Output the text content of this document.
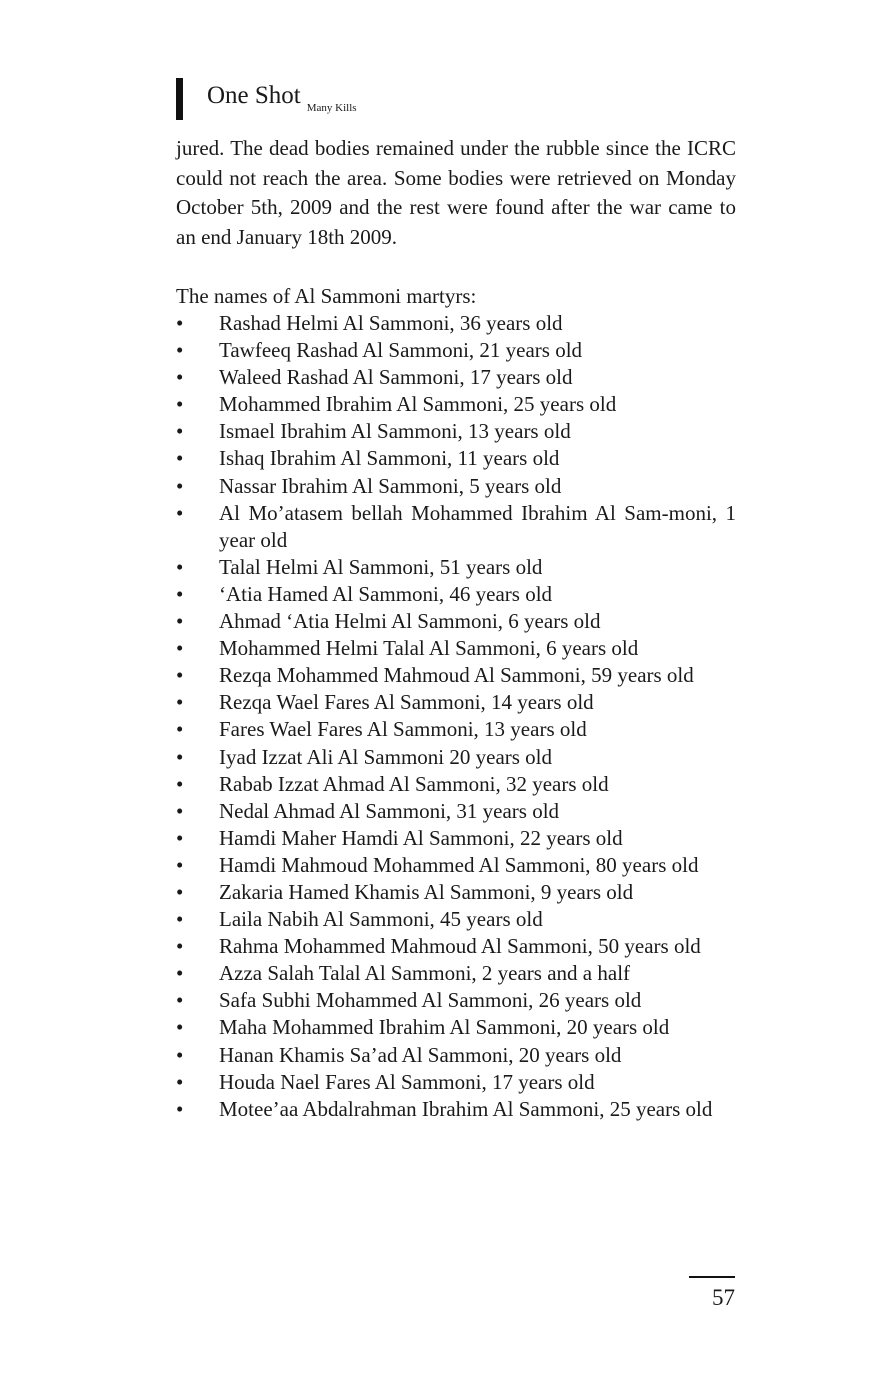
One Shot Many Kills

jured. The dead bodies remained under the rubble since the ICRC could not reach the area. Some bodies were retrieved on Monday October 5th, 2009 and the rest were found after the war came to an end January 18th 2009.

The names of Al Sammoni martyrs:
• Rashad Helmi Al Sammoni, 36 years old
• Tawfeeq Rashad Al Sammoni, 21 years old
• Waleed Rashad Al Sammoni, 17 years old
• Mohammed Ibrahim Al Sammoni, 25 years old
• Ismael Ibrahim Al Sammoni, 13 years old
• Ishaq Ibrahim Al Sammoni, 11 years old
• Nassar Ibrahim Al Sammoni, 5 years old
• Al Mo’atasem bellah Mohammed Ibrahim Al Sam-moni, 1 year old
• Talal Helmi Al Sammoni, 51 years old
• ‘Atia Hamed Al Sammoni, 46 years old
• Ahmad ‘Atia Helmi Al Sammoni, 6 years old
• Mohammed Helmi Talal Al Sammoni, 6 years old
• Rezqa Mohammed Mahmoud Al Sammoni, 59 years old
• Rezqa Wael Fares Al Sammoni, 14 years old
• Fares Wael Fares Al Sammoni, 13 years old
• Iyad Izzat Ali Al Sammoni 20 years old
• Rabab Izzat Ahmad Al Sammoni, 32 years old
• Nedal Ahmad Al Sammoni, 31 years old
• Hamdi Maher Hamdi Al Sammoni, 22 years old
• Hamdi Mahmoud Mohammed Al Sammoni, 80 years old
• Zakaria Hamed Khamis Al Sammoni, 9 years old
• Laila Nabih Al Sammoni, 45 years old
• Rahma Mohammed Mahmoud Al Sammoni, 50 years old
• Azza Salah Talal Al Sammoni, 2 years and a half
• Safa Subhi Mohammed Al Sammoni, 26 years old
• Maha Mohammed Ibrahim Al Sammoni, 20 years old
• Hanan Khamis Sa’ad Al Sammoni, 20 years old
• Houda Nael Fares Al Sammoni, 17 years old
• Motee’aa Abdalrahman Ibrahim Al Sammoni, 25 years old
57
